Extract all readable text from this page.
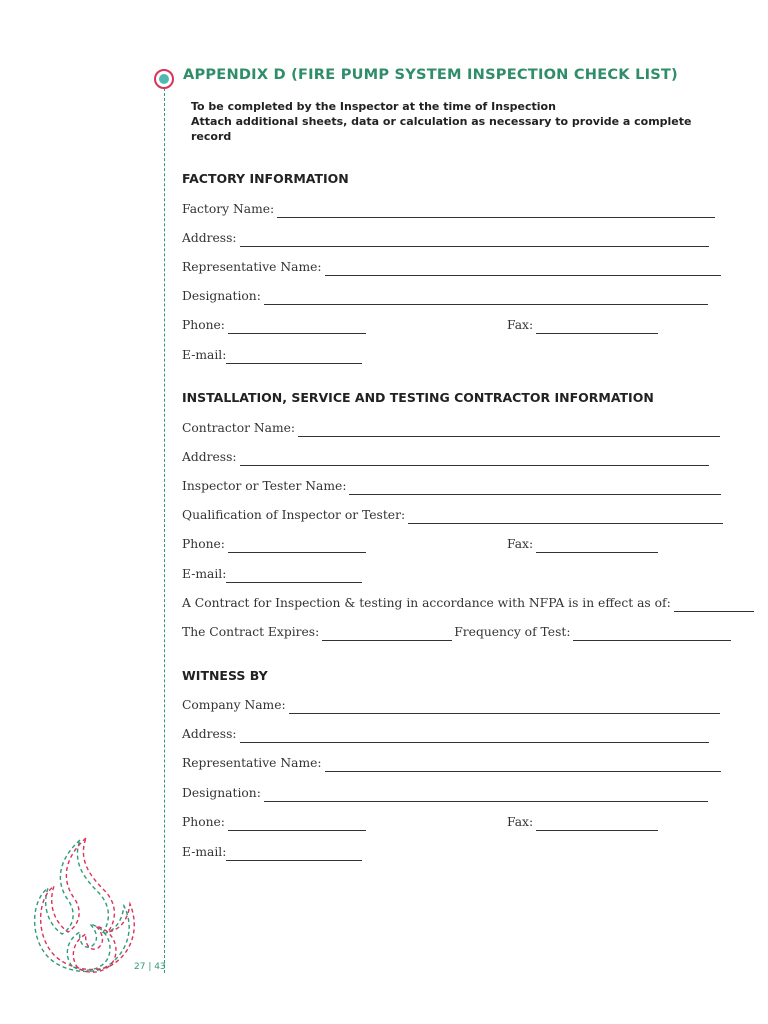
APPENDIX D (FIRE PUMP SYSTEM INSPECTION CHECK LIST)
To be completed by the Inspector at the time of Inspection
Attach additional sheets, data or calculation as necessary to provide a complete
record
FACTORY INFORMATION
Factory Name:
Address:
Representative Name:
Designation:
Phone:	Fax:
E-mail:
INSTALLATION, SERVICE AND TESTING CONTRACTOR INFORMATION
Contractor Name:
Address:
Inspector or Tester Name:
Qualification of Inspector or Tester:
Phone:	Fax:
E-mail:
A Contract for Inspection & testing in accordance with NFPA is in effect as of:
The Contract Expires:	Frequency of Test:
WITNESS BY
Company Name:
Address:
Representative Name:
Designation:
Phone:	Fax:
E-mail:
27 | 43
